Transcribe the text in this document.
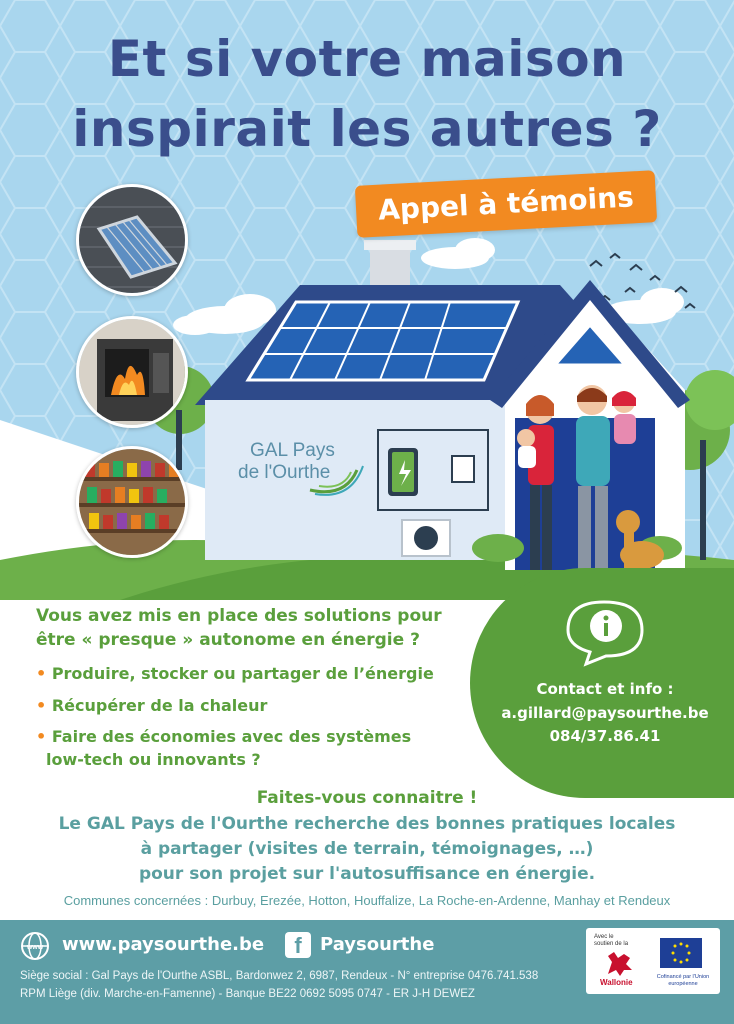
Et si votre maison
inspirait les autres ?
Appel à témoins
GAL Pays
de l'Ourthe
Vous avez mis en place des solutions pour
être « presque » autonome en énergie ?
• Produire, stocker ou partager de l’énergie
• Récupérer de la chaleur
• Faire des économies avec des systèmes
low-tech ou innovants ?
Contact et info :
a.gillard@paysourthe.be
084/37.86.41
Faites-vous connaitre !
Le GAL Pays de l'Ourthe recherche des bonnes pratiques locales
à partager (visites de terrain, témoignages, …)
pour son projet sur l'autosuffisance en énergie.
Communes concernées : Durbuy, Erezée, Hotton, Houffalize, La Roche-en-Ardenne, Manhay et Rendeux
www www.paysourthe.be	f	Paysourthe
Siège social : Gal Pays de l'Ourthe ASBL, Bardonwez 2, 6987, Rendeux - N° entreprise 0476.741.538
RPM Liège (div. Marche-en-Famenne) - Banque BE22 0692 5095 0747 - ER J-H DEWEZ
Avec le soutien de la
Wallonie
Cofinancé par l'Union européenne
